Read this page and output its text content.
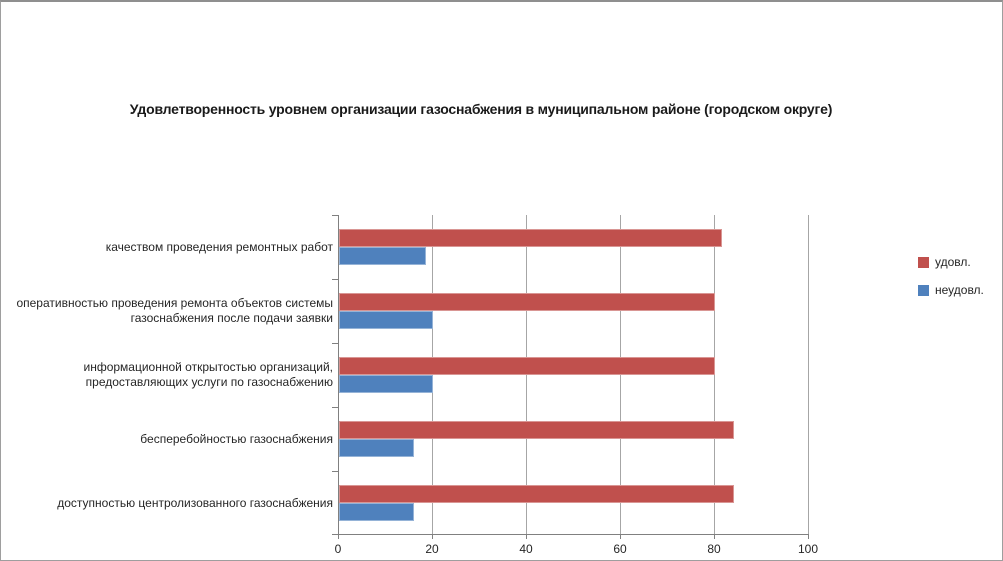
Удовлетворенность уровнем организации газоснабжения в муниципальном районе (городском округе)
качеством проведения ремонтных работ
оперативностью проведения ремонта объектов системы газоснабжения после подачи заявки
информационной открытостью организаций, предоставляющих услуги по газоснабжению
бесперебойностью газоснабжения
доступностью центролизованного газоснабжения
0	20	40	60	80	100
удовл.
неудовл.
